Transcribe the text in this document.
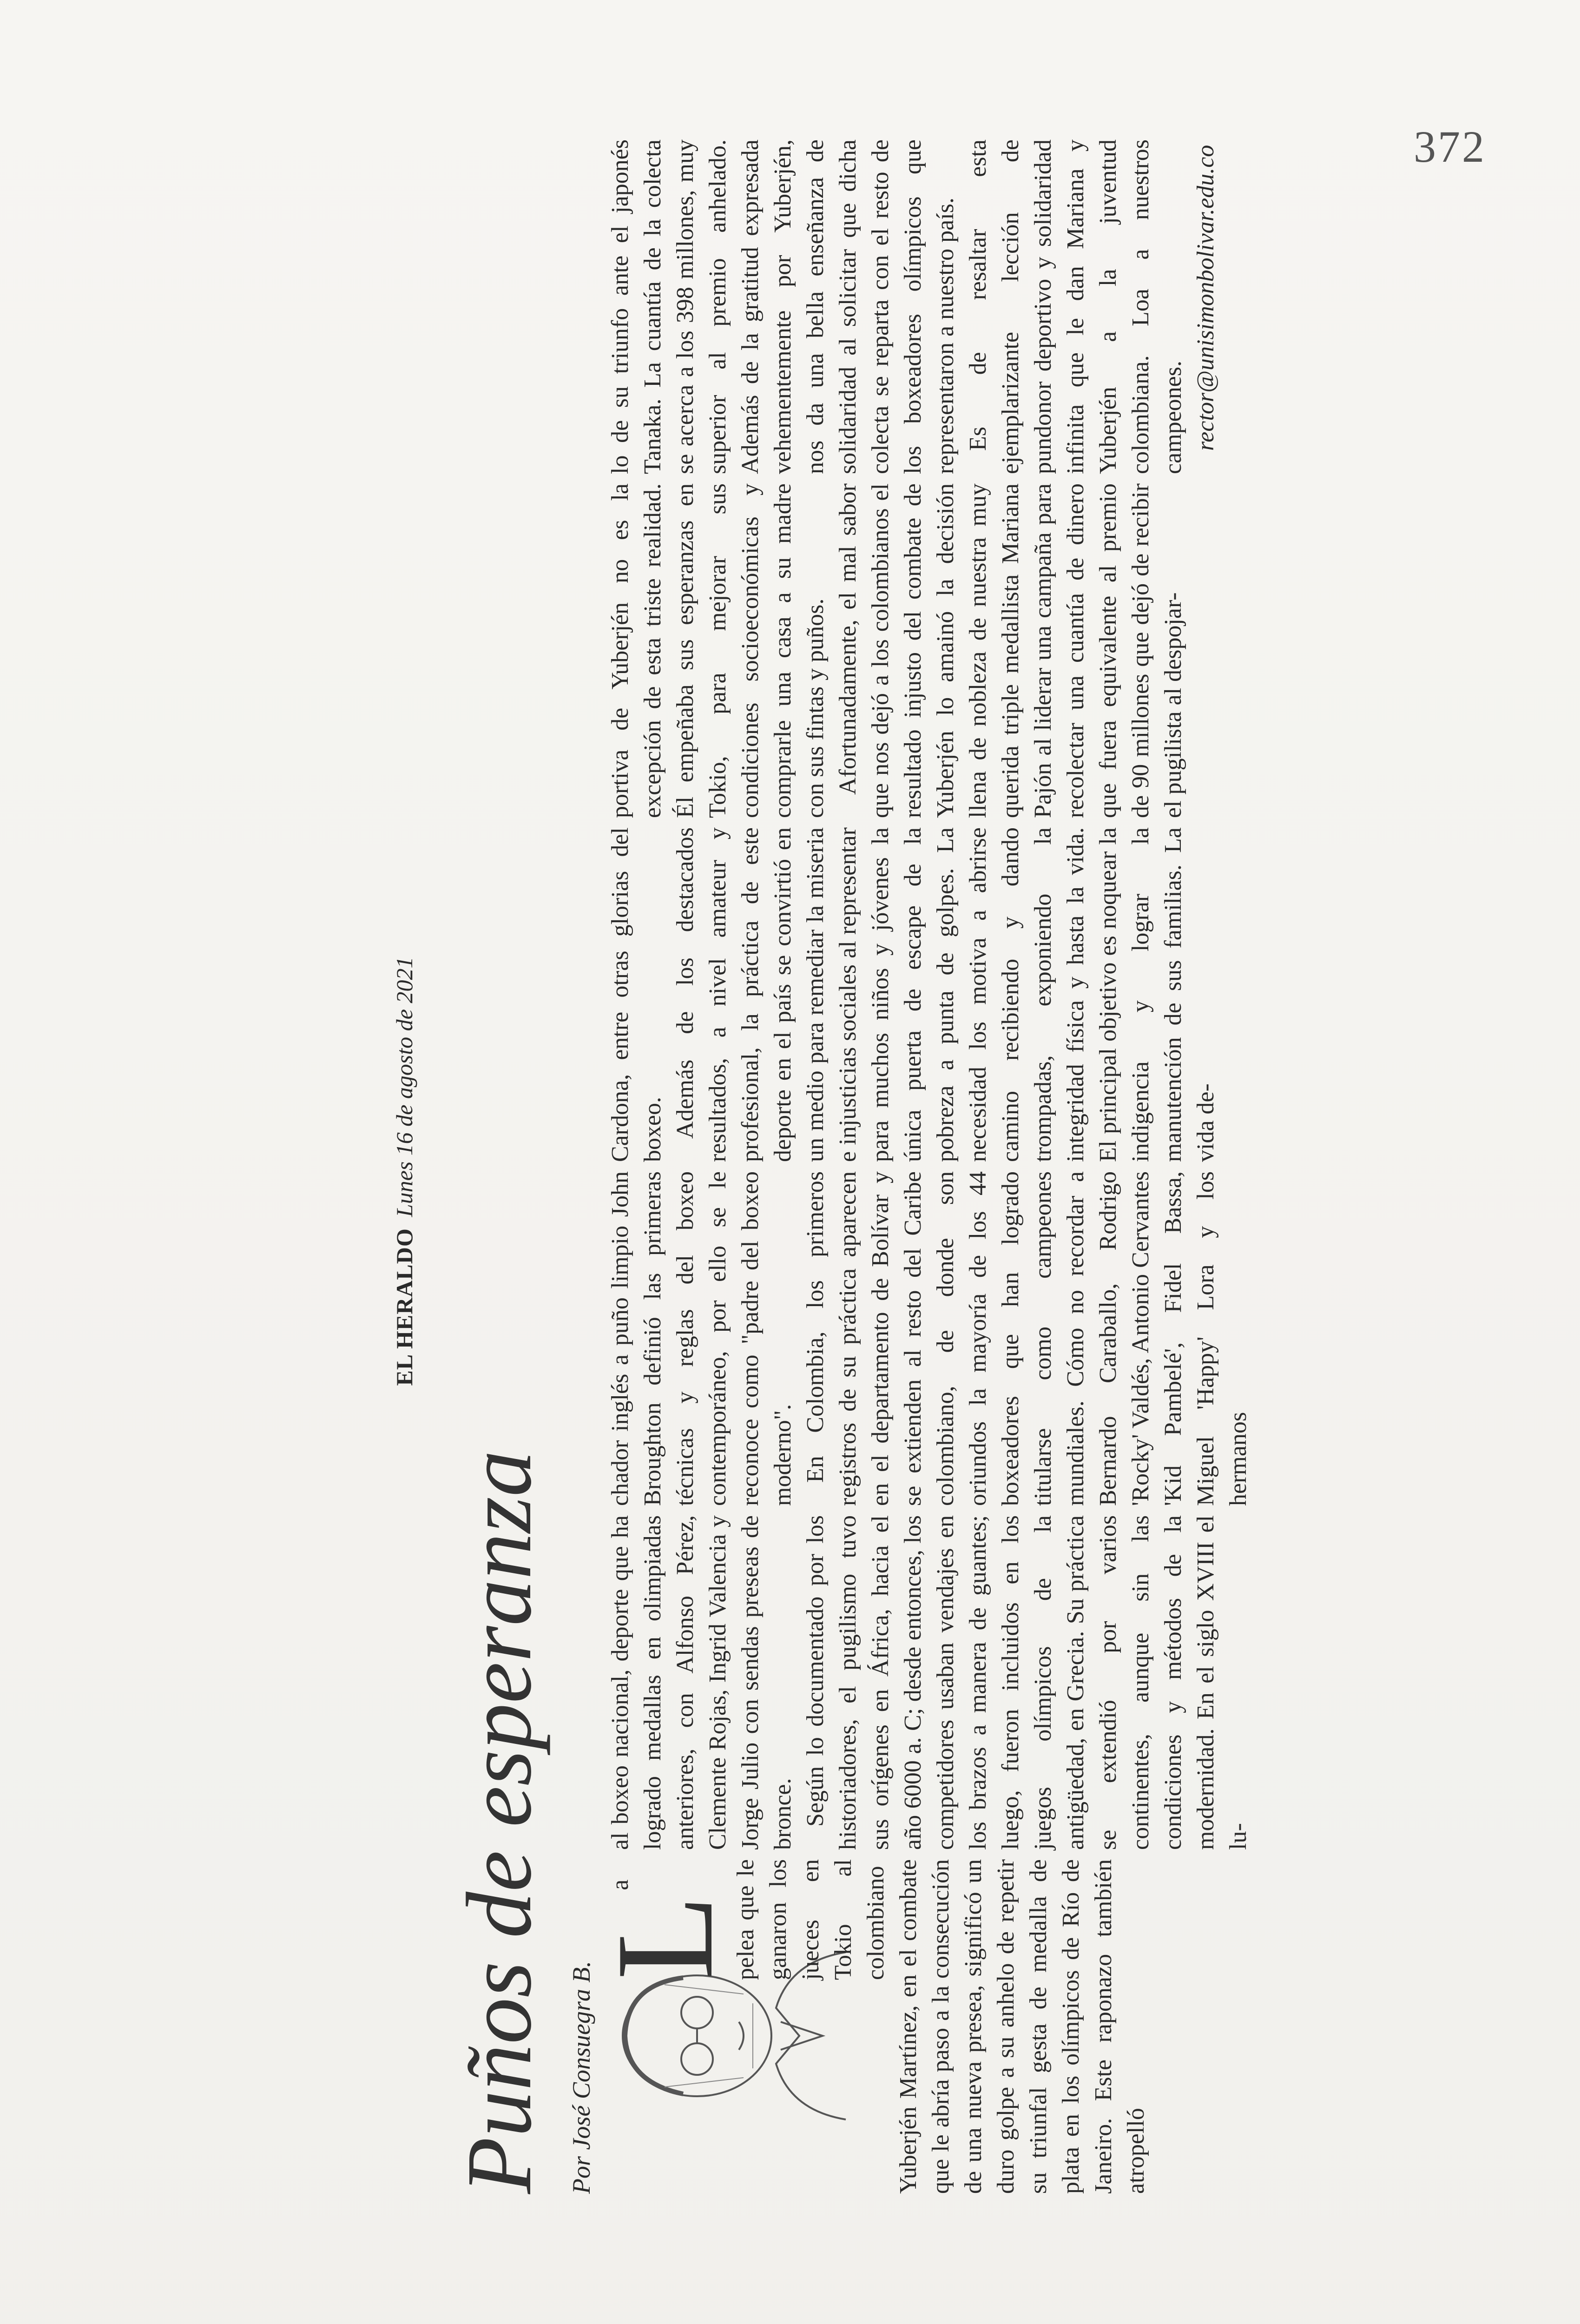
372
EL HERALDO
Lunes 16 de agosto de 2021
Puños de esperanza Por José Consuegra B.
L
a pelea que le ganaron los jueces en Tokio al colombiano Yuberjén Martínez, en el combate que le abría paso a la consecución de una nueva presea, significó un duro golpe a su anhelo de repetir su triunfal gesta de medalla de plata en los olímpicos de Río de Janeiro. Este raponazo también atropelló

al boxeo nacional, deporte que ha logrado medallas en olimpiadas anteriores, con Alfonso Pérez, Clemente Rojas, Ingrid Valencia y Jorge Julio con sendas preseas de bronce. Según lo documentado por los historiadores, el pugilismo tuvo sus orígenes en África, hacia el año 6000 a. C; desde entonces, los competidores usaban vendajes en los brazos a manera de guantes; luego, fueron incluidos en los juegos olímpicos de la antigüedad, en Grecia. Su práctica se extendió por varios continentes, aunque sin las condiciones y métodos de la modernidad. En el siglo XVIII el lu-

chador inglés a puño limpio John Broughton definió las primeras técnicas y reglas del boxeo contemporáneo, por ello se le reconoce como "padre del boxeo moderno". En Colombia, los primeros registros de su práctica aparecen en el departamento de Bolívar y se extienden al resto del Caribe colombiano, de donde son oriundos la mayoría de los 44 boxeadores que han logrado titularse como campeones mundiales. Cómo no recordar a Bernardo Caraballo, Rodrigo 'Rocky' Valdés, Antonio Cervantes 'Kid Pambelé', Fidel Bassa, Miguel 'Happy' Lora y los hermanos

Cardona, entre otras glorias del boxeo. Además de los destacados resultados, a nivel amateur y profesional, la práctica de este deporte en el país se convirtió en un medio para remediar la miseria e injusticias sociales al representar para muchos niños y jóvenes la única puerta de escape de la pobreza a punta de golpes. La necesidad los motiva a abrirse camino recibiendo y dando trompadas, exponiendo la integridad física y hasta la vida. El principal objetivo es noquear la indigencia y lograr la manutención de sus familias. La vida de-

portiva de Yuberjén no es la excepción de esta triste realidad. Él empeñaba sus esperanzas en Tokio, para mejorar sus condiciones socioeconómicas y comprarle una casa a su madre con sus fintas y puños. Afortunadamente, el mal sabor que nos dejó a los colombianos el resultado injusto del combate de Yuberjén lo amainó la decisión llena de nobleza de nuestra muy querida triple medallista Mariana Pajón al liderar una campaña para recolectar una cuantía de dinero que fuera equivalente al premio de 90 millones que dejó de recibir el pugilista al despojar-

lo de su triunfo ante el japonés Tanaka. La cuantía de la colecta se acerca a los 398 millones, muy superior al premio anhelado. Además de la gratitud expresada vehementemente por Yuberjén, nos da una bella enseñanza de solidaridad al solicitar que dicha colecta se reparta con el resto de los boxeadores olímpicos que representaron a nuestro país. Es de resaltar esta ejemplarizante lección de pundonor deportivo y solidaridad infinita que le dan Mariana y Yuberjén a la juventud colombiana. Loa a nuestros campeones. rector@unisimonbolivar.edu.co
